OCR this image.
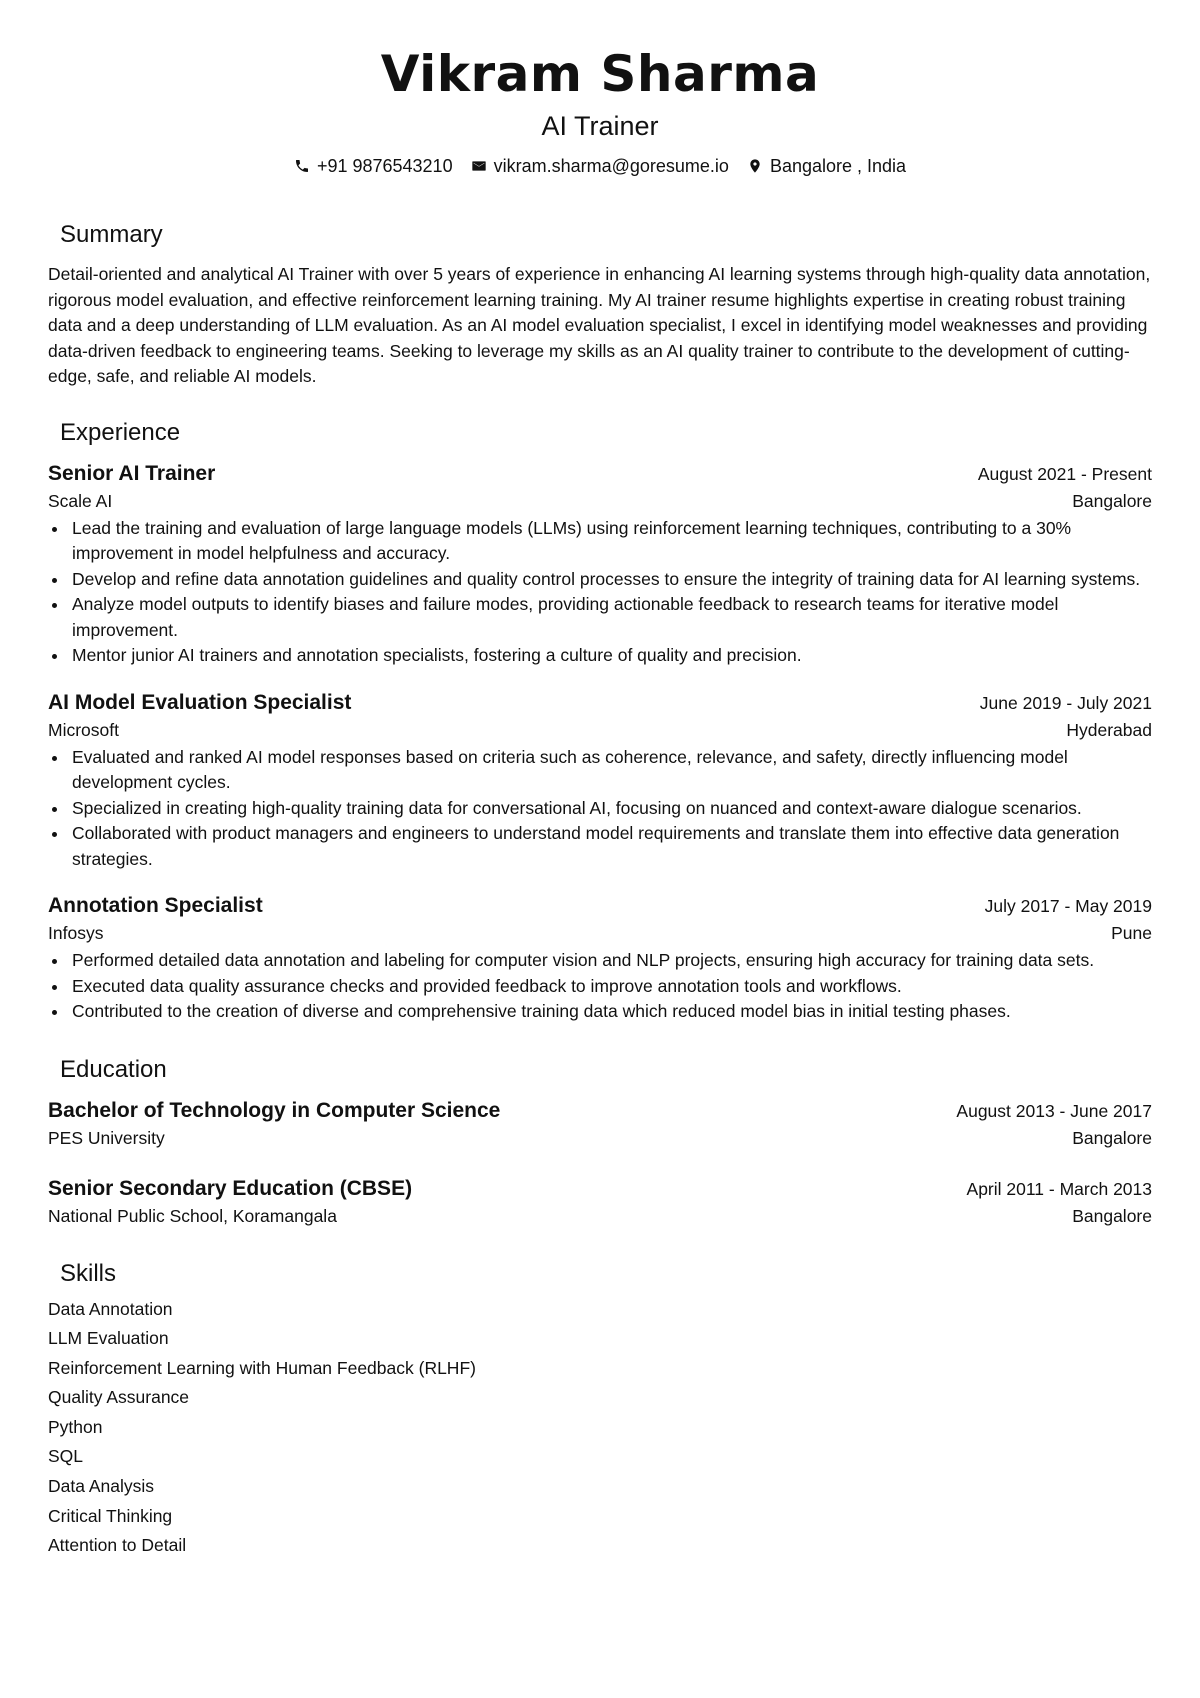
Vikram Sharma
AI Trainer
+91 9876543210 vikram.sharma@goresume.io Bangalore , India
Summary
Detail-oriented and analytical AI Trainer with over 5 years of experience in enhancing AI learning systems through high-quality data annotation, rigorous model evaluation, and effective reinforcement learning training. My AI trainer resume highlights expertise in creating robust training data and a deep understanding of LLM evaluation. As an AI model evaluation specialist, I excel in identifying model weaknesses and providing data-driven feedback to engineering teams. Seeking to leverage my skills as an AI quality trainer to contribute to the development of cutting-edge, safe, and reliable AI models.
Experience
Senior AI Trainer	August 2021 - Present
Scale AI	Bangalore
Lead the training and evaluation of large language models (LLMs) using reinforcement learning techniques, contributing to a 30% improvement in model helpfulness and accuracy.
Develop and refine data annotation guidelines and quality control processes to ensure the integrity of training data for AI learning systems.
Analyze model outputs to identify biases and failure modes, providing actionable feedback to research teams for iterative model improvement.
Mentor junior AI trainers and annotation specialists, fostering a culture of quality and precision.
AI Model Evaluation Specialist	June 2019 - July 2021
Microsoft	Hyderabad
Evaluated and ranked AI model responses based on criteria such as coherence, relevance, and safety, directly influencing model development cycles.
Specialized in creating high-quality training data for conversational AI, focusing on nuanced and context-aware dialogue scenarios.
Collaborated with product managers and engineers to understand model requirements and translate them into effective data generation strategies.
Annotation Specialist	July 2017 - May 2019
Infosys	Pune
Performed detailed data annotation and labeling for computer vision and NLP projects, ensuring high accuracy for training data sets.
Executed data quality assurance checks and provided feedback to improve annotation tools and workflows.
Contributed to the creation of diverse and comprehensive training data which reduced model bias in initial testing phases.
Education
Bachelor of Technology in Computer Science	August 2013 - June 2017
PES University	Bangalore
Senior Secondary Education (CBSE)	April 2011 - March 2013
National Public School, Koramangala	Bangalore
Skills
Data Annotation
LLM Evaluation
Reinforcement Learning with Human Feedback (RLHF)
Quality Assurance
Python
SQL
Data Analysis
Critical Thinking
Attention to Detail
